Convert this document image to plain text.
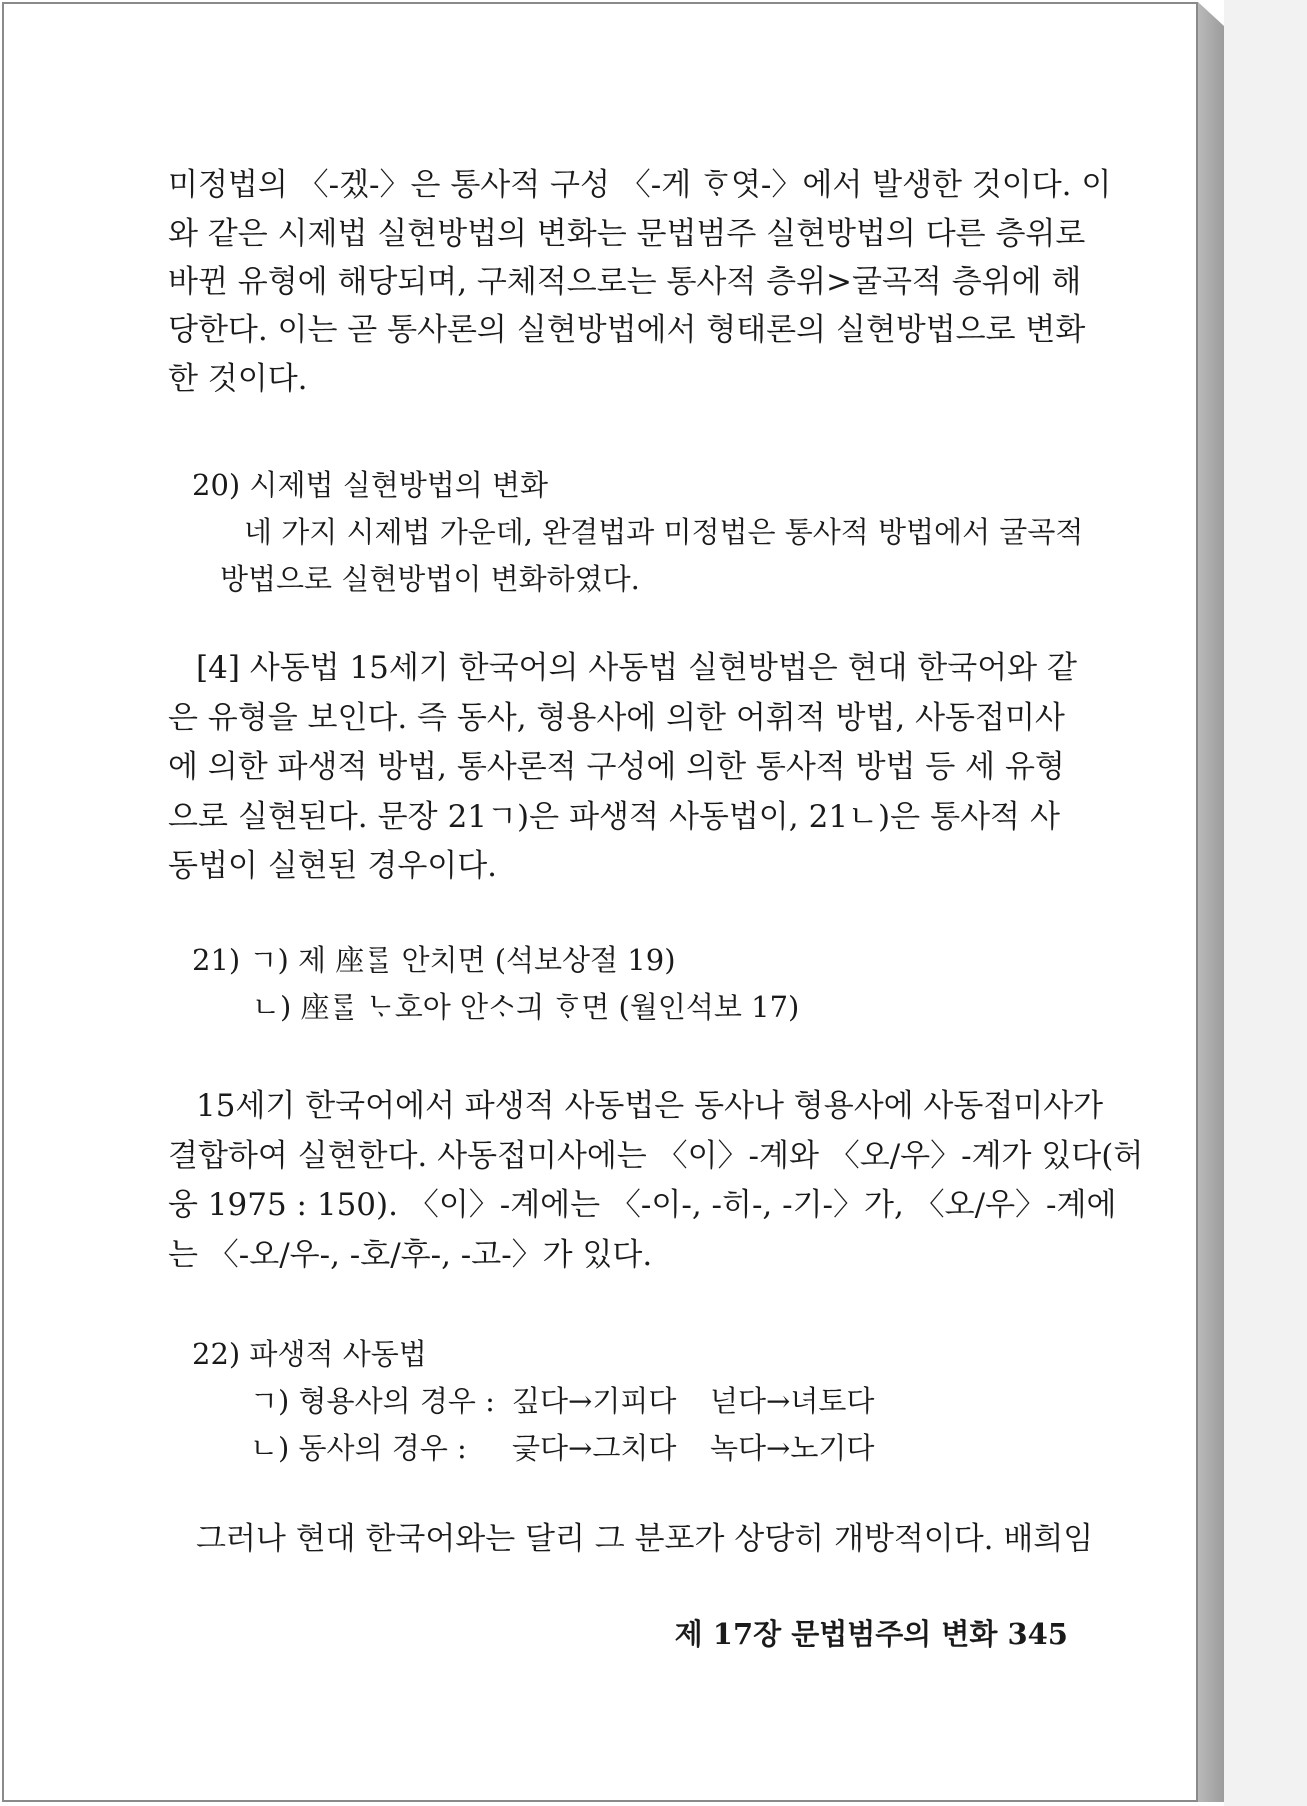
미정법의 〈-겠-〉은 통사적 구성 〈-게 ᄒᆞ엿-〉에서 발생한 것이다. 이
와 같은 시제법 실현방법의 변화는 문법범주 실현방법의 다른 층위로
바뀐 유형에 해당되며, 구체적으로는 통사적 층위>굴곡적 층위에 해
당한다. 이는 곧 통사론의 실현방법에서 형태론의 실현방법으로 변화
한 것이다.
20) 시제법 실현방법의 변화
네 가지 시제법 가운데, 완결법과 미정법은 통사적 방법에서 굴곡적
방법으로 실현방법이 변화하였다.
[4] 사동법 15세기 한국어의 사동법 실현방법은 현대 한국어와 같
은 유형을 보인다. 즉 동사, 형용사에 의한 어휘적 방법, 사동접미사
에 의한 파생적 방법, 통사론적 구성에 의한 통사적 방법 등 세 유형
으로 실현된다. 문장 21ㄱ)은 파생적 사동법이, 21ㄴ)은 통사적 사
동법이 실현된 경우이다.
21) ㄱ) 제 座ᄅᆞᆯ 안치면 (석보상절 19)
ㄴ) 座ᄅᆞᆯ ᄂᆞ호아 안ᄉᆞ긔 ᄒᆞ면 (월인석보 17)
15세기 한국어에서 파생적 사동법은 동사나 형용사에 사동접미사가
결합하여 실현한다. 사동접미사에는 〈이〉-계와 〈오/우〉-계가 있다(허
웅 1975 : 150). 〈이〉-계에는 〈-이-, -히-, -기-〉가, 〈오/우〉-계에
는 〈-오/우-, -호/후-, -고-〉가 있다.
22) 파생적 사동법
ㄱ) 형용사의 경우 : 깊다→기피다 넏다→녀토다
ㄴ) 동사의 경우 : 긏다→그치다 녹다→노기다
그러나 현대 한국어와는 달리 그 분포가 상당히 개방적이다. 배희임
제 17장 문법범주의 변화 345
